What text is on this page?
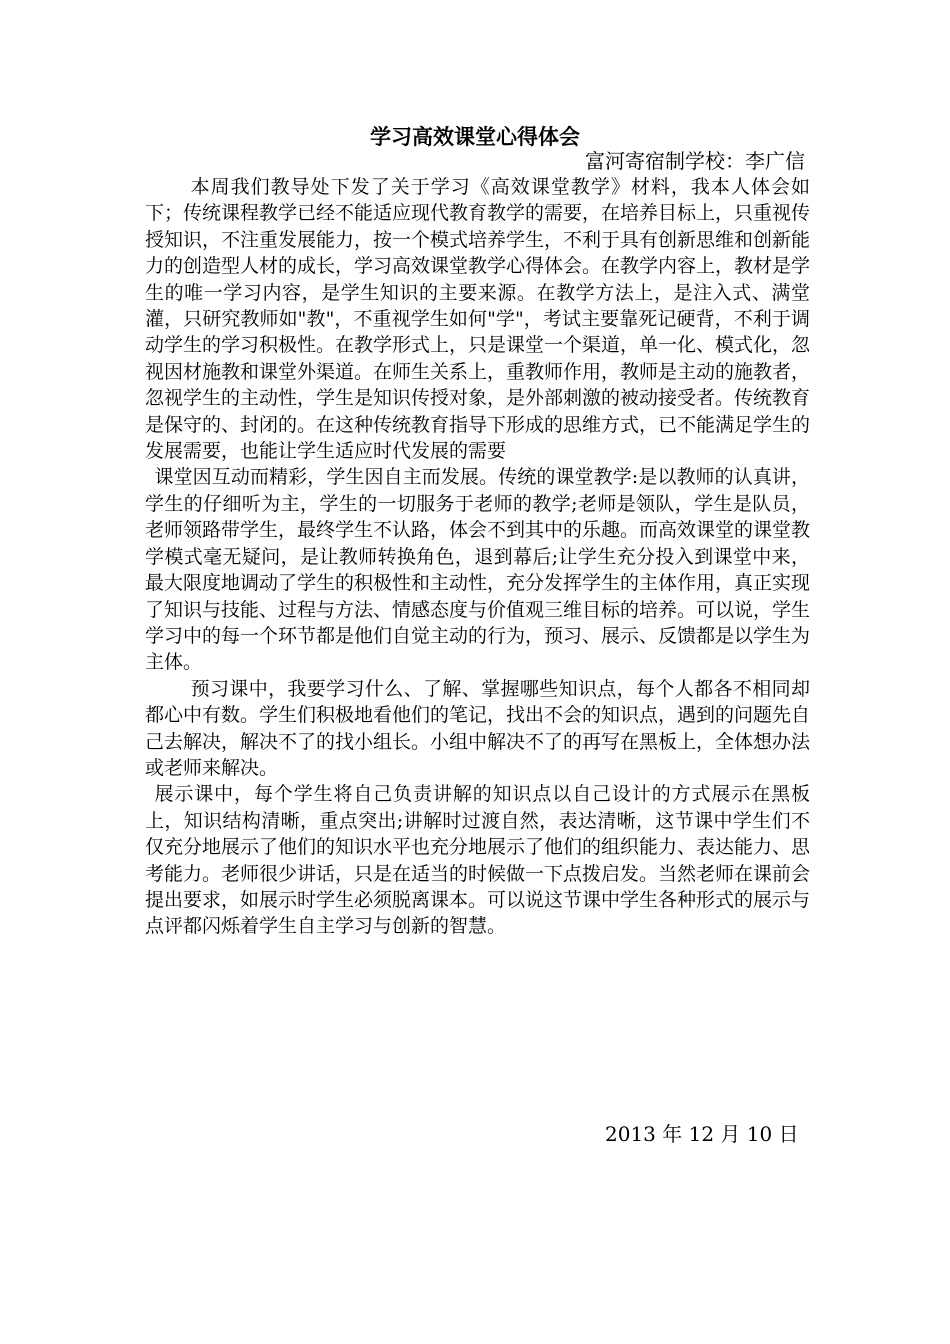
学习高效课堂心得体会
富河寄宿制学校：李广信

本周我们教导处下发了关于学习《高效课堂教学》材料，我本人体会如下；传统课程教学已经不能适应现代教育教学的需要，在培养目标上，只重视传授知识，不注重发展能力，按一个模式培养学生，不利于具有创新思维和创新能力的创造型人材的成长，学习高效课堂教学心得体会。在教学内容上，教材是学生的唯一学习内容，是学生知识的主要来源。在教学方法上，是注入式、满堂灌，只研究教师如"教"，不重视学生如何"学"，考试主要靠死记硬背，不利于调动学生的学习积极性。在教学形式上，只是课堂一个渠道，单一化、模式化，忽视因材施教和课堂外渠道。在师生关系上，重教师作用，教师是主动的施教者，忽视学生的主动性，学生是知识传授对象，是外部刺激的被动接受者。传统教育是保守的、封闭的。在这种传统教育指导下形成的思维方式，已不能满足学生的发展需要，也能让学生适应时代发展的需要

课堂因互动而精彩，学生因自主而发展。传统的课堂教学:是以教师的认真讲，学生的仔细听为主，学生的一切服务于老师的教学;老师是领队，学生是队员，老师领路带学生，最终学生不认路，体会不到其中的乐趣。而高效课堂的课堂教学模式毫无疑问，是让教师转换角色，退到幕后;让学生充分投入到课堂中来，最大限度地调动了学生的积极性和主动性，充分发挥学生的主体作用，真正实现了知识与技能、过程与方法、情感态度与价值观三维目标的培养。可以说，学生学习中的每一个环节都是他们自觉主动的行为，预习、展示、反馈都是以学生为主体。

预习课中，我要学习什么、了解、掌握哪些知识点，每个人都各不相同却都心中有数。学生们积极地看他们的笔记，找出不会的知识点，遇到的问题先自己去解决，解决不了的找小组长。小组中解决不了的再写在黑板上，全体想办法或老师来解决。

展示课中，每个学生将自己负责讲解的知识点以自己设计的方式展示在黑板上，知识结构清晰，重点突出;讲解时过渡自然，表达清晰，这节课中学生们不仅充分地展示了他们的知识水平也充分地展示了他们的组织能力、表达能力、思考能力。老师很少讲话，只是在适当的时候做一下点拨启发。当然老师在课前会提出要求，如展示时学生必须脱离课本。可以说这节课中学生各种形式的展示与点评都闪烁着学生自主学习与创新的智慧。

2013 年 12 月 10 日
